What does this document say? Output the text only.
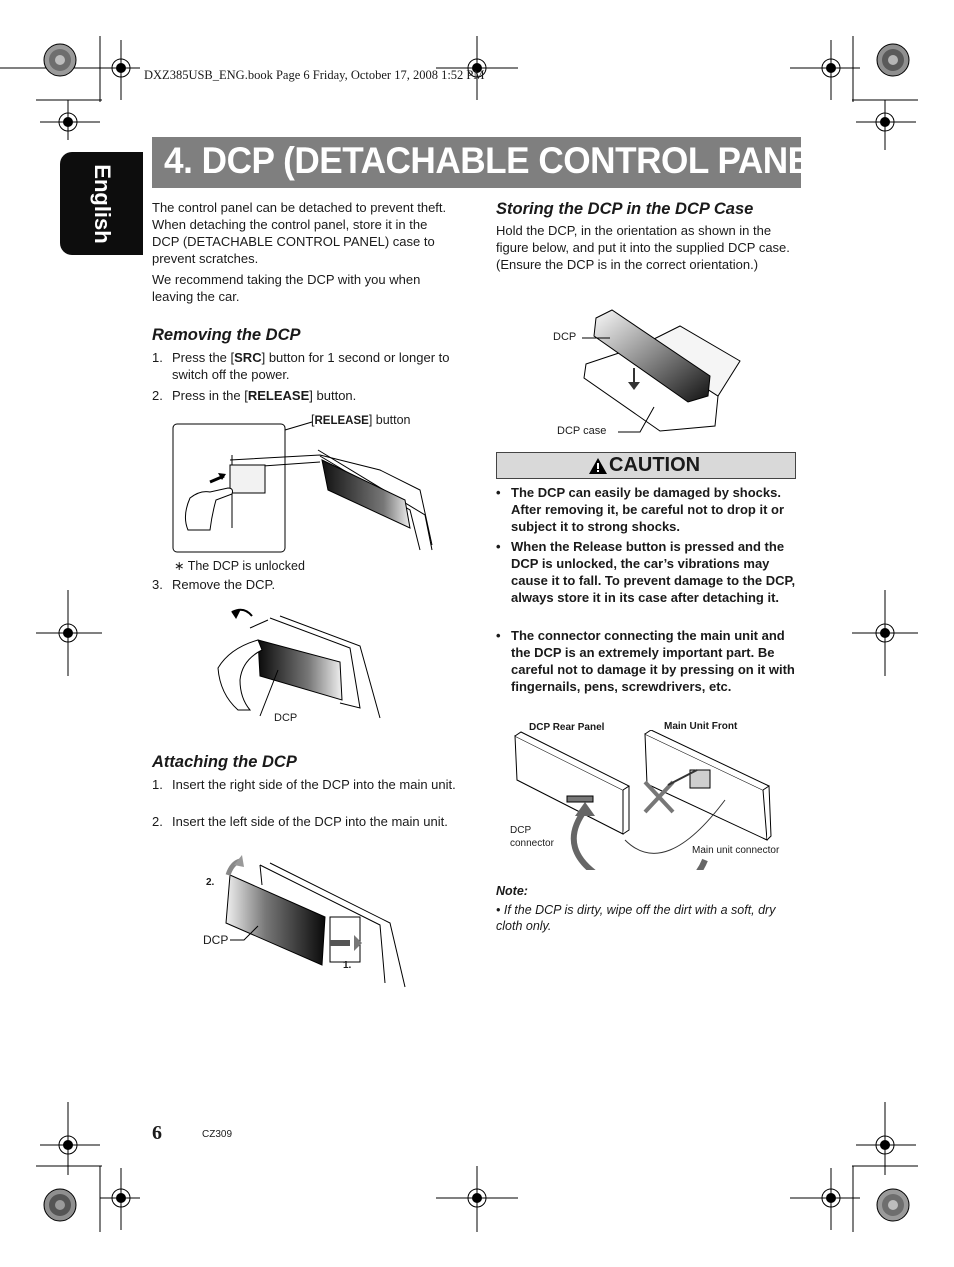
DXZ385USB_ENG.book Page 6 Friday, October 17, 2008 1:52 PM
English
4. DCP (DETACHABLE CONTROL PANEL)
The control panel can be detached to prevent theft. When detaching the control panel, store it in the DCP (DETACHABLE CONTROL PANEL) case to prevent scratches.
We recommend taking the DCP with you when leaving the car.
Removing the DCP
1. Press the [SRC] button for 1 second or longer to switch off the power.
2. Press in the [RELEASE] button.
[RELEASE] button
∗ The DCP is unlocked
3. Remove the DCP.
DCP
Attaching the DCP
1. Insert the right side of the DCP into the main unit.
2. Insert the left side of the DCP into the main unit.
2.
1.
DCP
Storing the DCP in the DCP Case
Hold the DCP, in the orientation as shown in the figure below, and put it into the supplied DCP case. (Ensure the DCP is in the correct orientation.)
DCP
DCP case
CAUTION
• The DCP can easily be damaged by shocks. After removing it, be careful not to drop it or subject it to strong shocks.
• When the Release button is pressed and the DCP is unlocked, the car’s vibrations may cause it to fall. To prevent damage to the DCP, always store it in its case after detaching it.
• The connector connecting the main unit and the DCP is an extremely important part. Be careful not to damage it by pressing on it with fingernails, pens, screwdrivers, etc.
DCP Rear Panel	Main Unit Front
DCP connector
Main unit connector
Note:
• If the DCP is dirty, wipe off the dirt with a soft, dry cloth only.
6	CZ309
